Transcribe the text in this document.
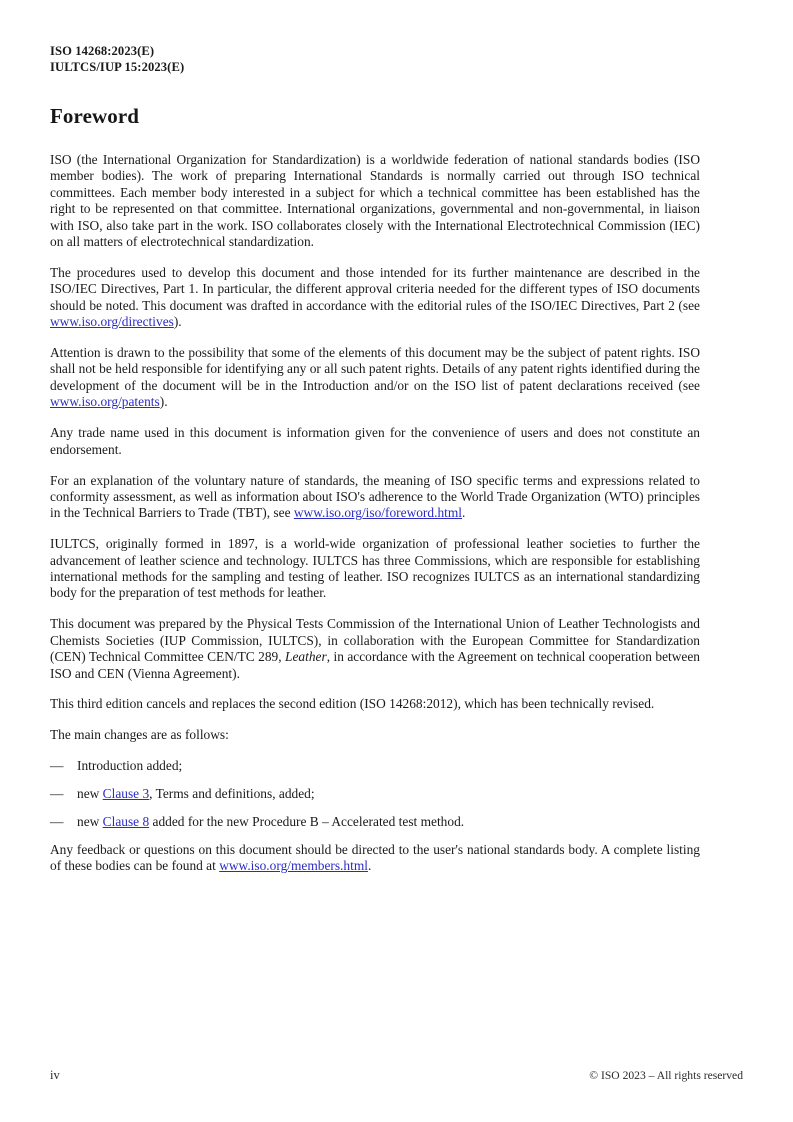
ISO 14268:2023(E)
IULTCS/IUP 15:2023(E)
Foreword

ISO (the International Organization for Standardization) is a worldwide federation of national standards bodies (ISO member bodies). The work of preparing International Standards is normally carried out through ISO technical committees. Each member body interested in a subject for which a technical committee has been established has the right to be represented on that committee. International organizations, governmental and non-governmental, in liaison with ISO, also take part in the work. ISO collaborates closely with the International Electrotechnical Commission (IEC) on all matters of electrotechnical standardization.

The procedures used to develop this document and those intended for its further maintenance are described in the ISO/IEC Directives, Part 1. In particular, the different approval criteria needed for the different types of ISO documents should be noted. This document was drafted in accordance with the editorial rules of the ISO/IEC Directives, Part 2 (see www.iso.org/directives).

Attention is drawn to the possibility that some of the elements of this document may be the subject of patent rights. ISO shall not be held responsible for identifying any or all such patent rights. Details of any patent rights identified during the development of the document will be in the Introduction and/or on the ISO list of patent declarations received (see www.iso.org/patents).

Any trade name used in this document is information given for the convenience of users and does not constitute an endorsement.

For an explanation of the voluntary nature of standards, the meaning of ISO specific terms and expressions related to conformity assessment, as well as information about ISO's adherence to the World Trade Organization (WTO) principles in the Technical Barriers to Trade (TBT), see www.iso.org/iso/foreword.html.

IULTCS, originally formed in 1897, is a world-wide organization of professional leather societies to further the advancement of leather science and technology. IULTCS has three Commissions, which are responsible for establishing international methods for the sampling and testing of leather. ISO recognizes IULTCS as an international standardizing body for the preparation of test methods for leather.

This document was prepared by the Physical Tests Commission of the International Union of Leather Technologists and Chemists Societies (IUP Commission, IULTCS), in collaboration with the European Committee for Standardization (CEN) Technical Committee CEN/TC 289, Leather, in accordance with the Agreement on technical cooperation between ISO and CEN (Vienna Agreement).

This third edition cancels and replaces the second edition (ISO 14268:2012), which has been technically revised.

The main changes are as follows:

— Introduction added;
— new Clause 3, Terms and definitions, added;
— new Clause 8 added for the new Procedure B – Accelerated test method.

Any feedback or questions on this document should be directed to the user's national standards body. A complete listing of these bodies can be found at www.iso.org/members.html.

iv	© ISO 2023 – All rights reserved
